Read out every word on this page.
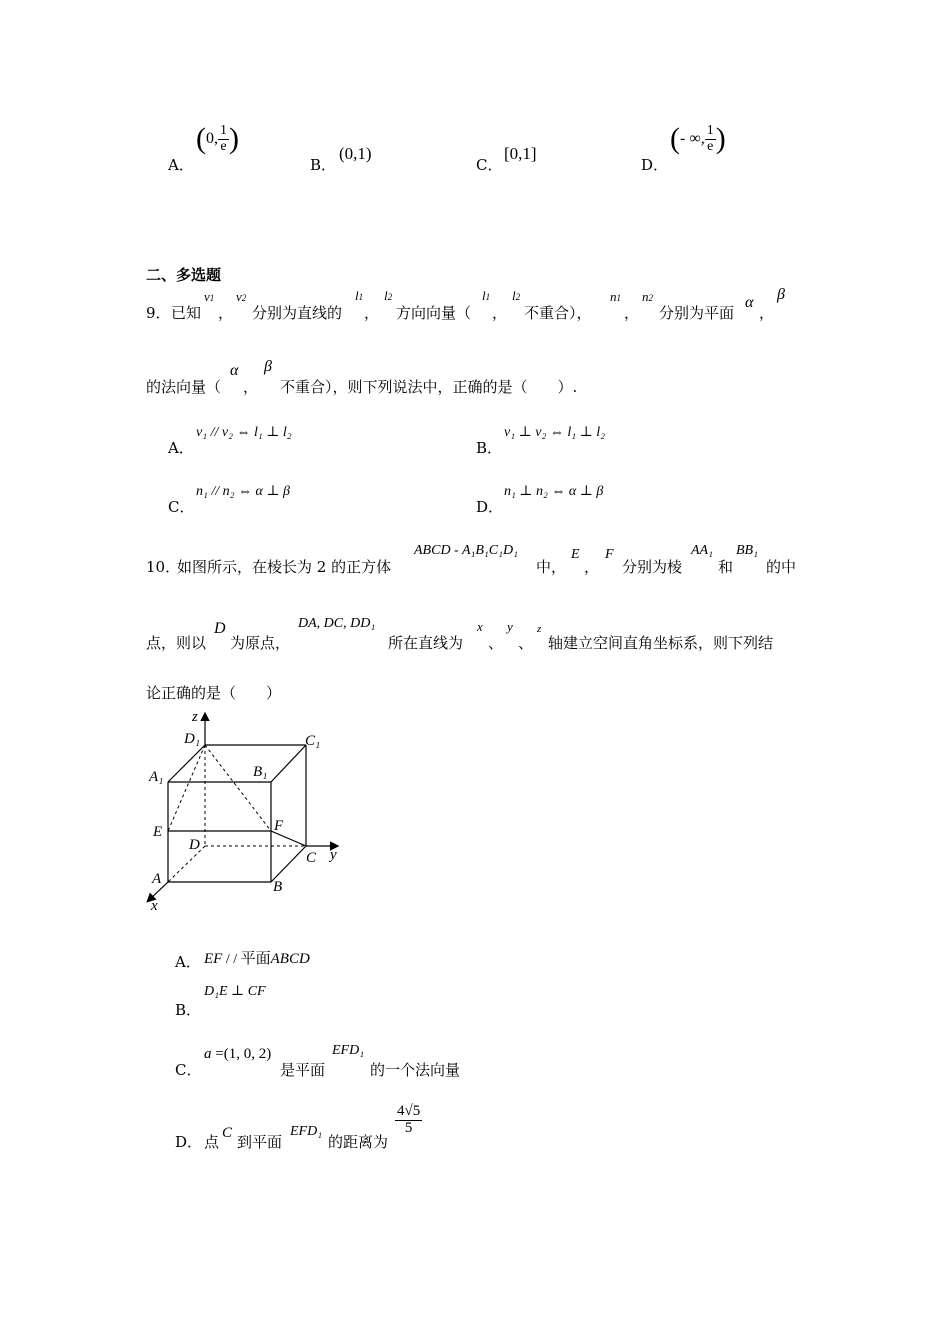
A．
(0, $\frac{1}{e}$ )
B．
(0,1)
C．
[0,1]
D．
(- ∞, $\frac{1}{e}$ )
二、多选题
9． 已知
v1
，
v2
分别为直线的
l1
，
l2
方向向量（
l1
，
l2
不重合），
n1
，
n2
分别为平面
α
，
β
的法向量（
α
，
β
不重合），则下列说法中，正确的是（　　）.
A．
v₁ // v₂ ⇔ l₁ ⊥ l₂
B．
v₁ ⊥ v₂ ⇔ l₁ ⊥ l₂
C．
n₁ // n₂ ⇔ α ⊥ β
D．
n₁ ⊥ n₂ ⇔ α ⊥ β
10．
如图所示，在棱长为 2 的正方体
ABCD - A₁B₁C₁D₁
中，
E
，
F
分别为棱
AA₁
和
BB₁
的中
点，则以
D
为原点，
DA, DC, DD₁
所在直线为
x
、
y
、
z
轴建立空间直角坐标系，则下列结
论正确的是（　　）
z
D₁	C₁
A₁	B₁
E	F
D
C y
A	B
x
A． EF / / 平面ABCD
B．
D₁E ⊥ CF
C．
a =(1, 0, 2)
是平面
EFD₁
的一个法向量
D． 点 C 到平面
EFD₁
的距离为
$\frac{4√5}{5}$
